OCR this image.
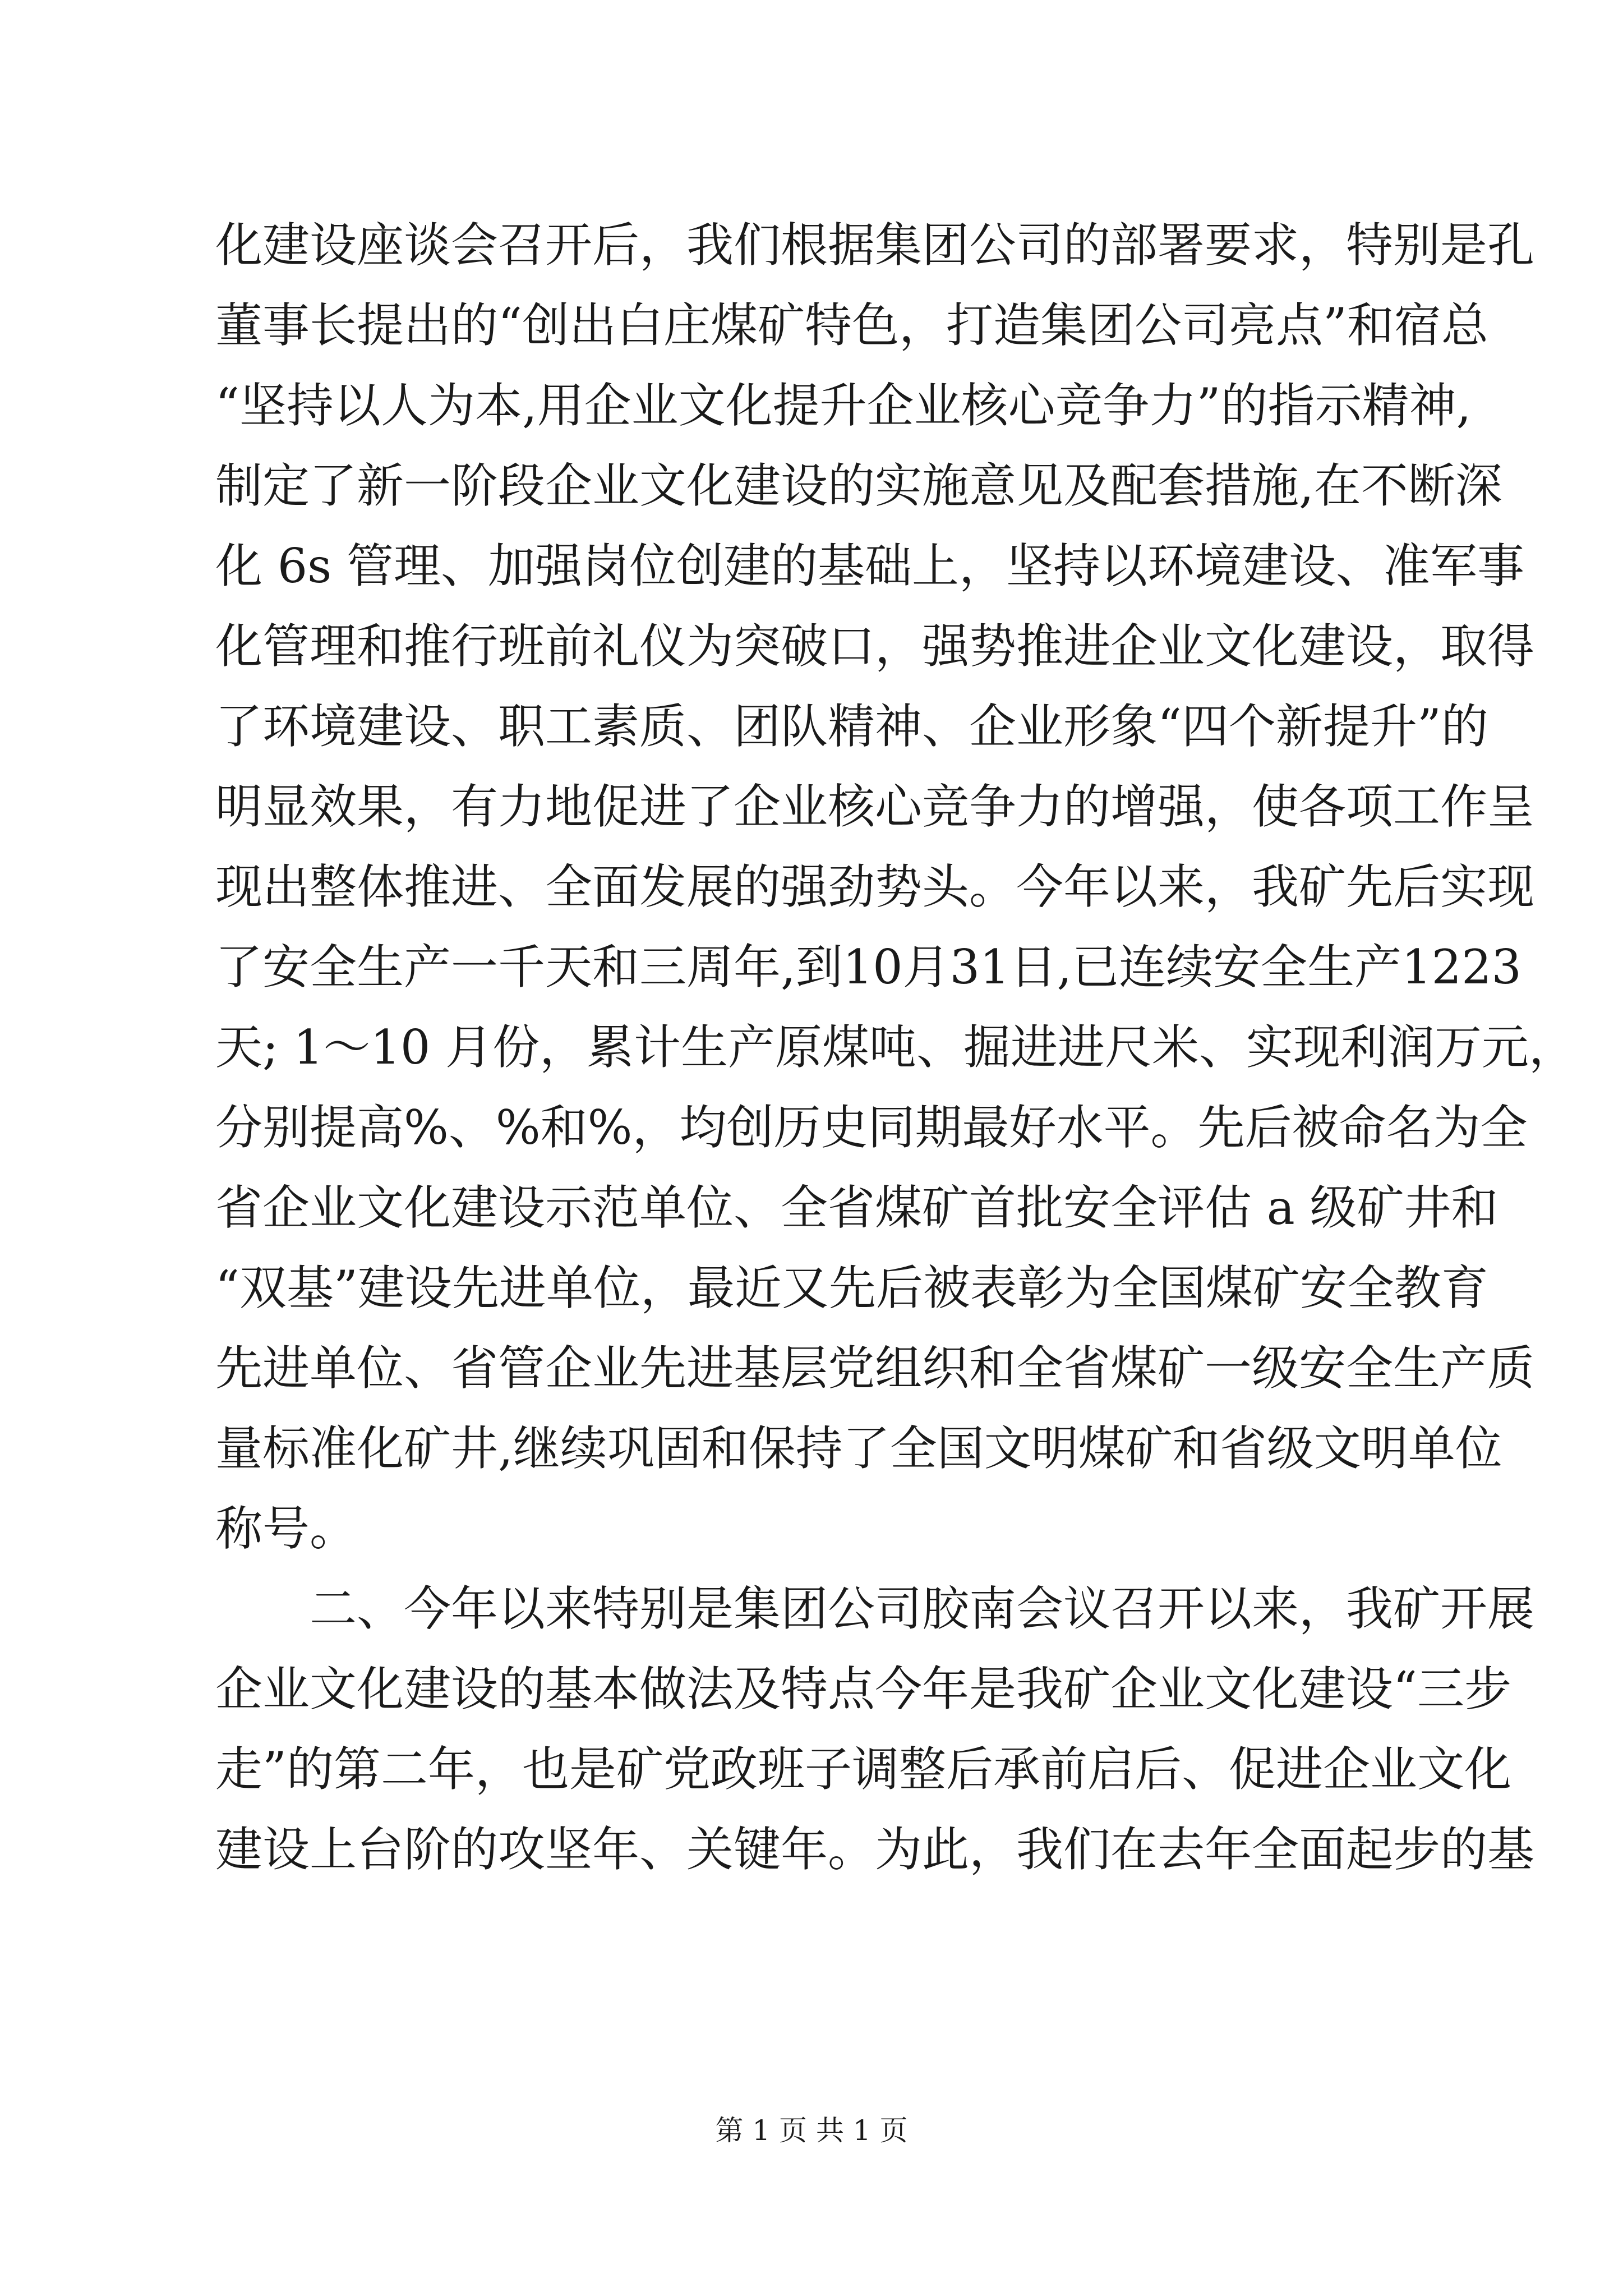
化建设座谈会召开后，我们根据集团公司的部署要求，特别是孔
董事长提出的“创出白庄煤矿特色，打造集团公司亮点”和宿总
“坚持以人为本,用企业文化提升企业核心竞争力”的指示精神,
制定了新一阶段企业文化建设的实施意见及配套措施,在不断深
化 6s 管理、加强岗位创建的基础上，坚持以环境建设、准军事
化管理和推行班前礼仪为突破口，强势推进企业文化建设，取得
了环境建设、职工素质、团队精神、企业形象“四个新提升”的
明显效果，有力地促进了企业核心竞争力的增强，使各项工作呈
现出整体推进、全面发展的强劲势头。今年以来，我矿先后实现
了安全生产一千天和三周年,到10月31日,已连续安全生产1223
天; 1～10 月份，累计生产原煤吨、掘进进尺米、实现利润万元，
分别提高%、%和%，均创历史同期最好水平。先后被命名为全
省企业文化建设示范单位、全省煤矿首批安全评估 a 级矿井和
“双基”建设先进单位，最近又先后被表彰为全国煤矿安全教育
先进单位、省管企业先进基层党组织和全省煤矿一级安全生产质
量标准化矿井,继续巩固和保持了全国文明煤矿和省级文明单位
称号。
二、今年以来特别是集团公司胶南会议召开以来，我矿开展
企业文化建设的基本做法及特点今年是我矿企业文化建设“三步
走”的第二年，也是矿党政班子调整后承前启后、促进企业文化
建设上台阶的攻坚年、关键年。为此，我们在去年全面起步的基
第 1 页 共 1 页
